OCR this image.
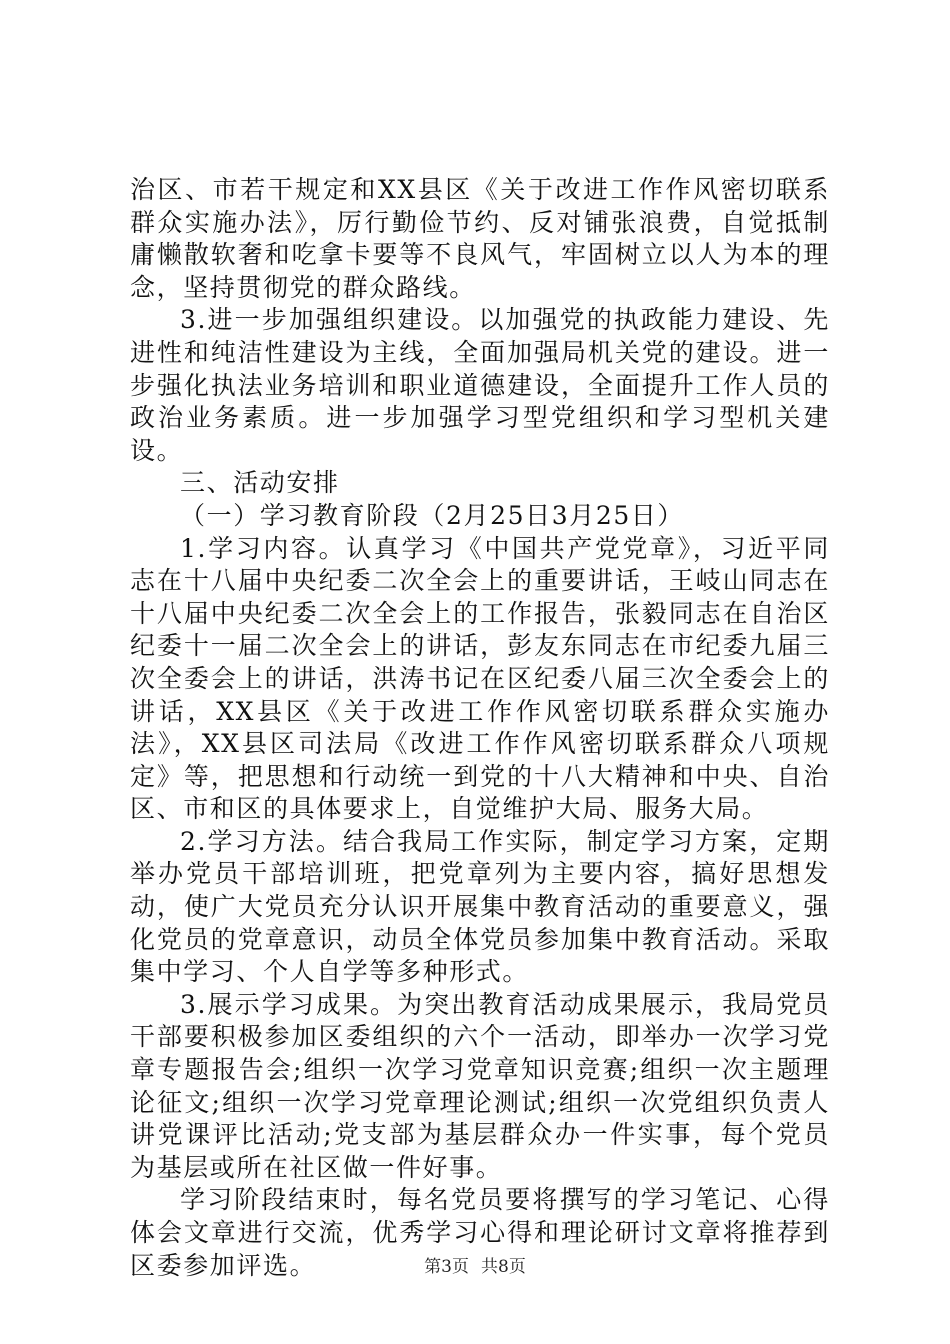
治区、市若干规定和XX县区《关于改进工作作风密切联系群众实施办法》，厉行勤俭节约、反对铺张浪费，自觉抵制庸懒散软奢和吃拿卡要等不良风气，牢固树立以人为本的理念，坚持贯彻党的群众路线。

3.进一步加强组织建设。以加强党的执政能力建设、先进性和纯洁性建设为主线，全面加强局机关党的建设。进一步强化执法业务培训和职业道德建设，全面提升工作人员的政治业务素质。进一步加强学习型党组织和学习型机关建设。

三、活动安排

（一）学习教育阶段（2月25日3月25日）

1.学习内容。认真学习《中国共产党党章》，习近平同志在十八届中央纪委二次全会上的重要讲话，王岐山同志在十八届中央纪委二次全会上的工作报告，张毅同志在自治区纪委十一届二次全会上的讲话，彭友东同志在市纪委九届三次全委会上的讲话，洪涛书记在区纪委八届三次全委会上的讲话，XX县区《关于改进工作作风密切联系群众实施办法》，XX县区司法局《改进工作作风密切联系群众八项规定》等，把思想和行动统一到党的十八大精神和中央、自治区、市和区的具体要求上，自觉维护大局、服务大局。

2.学习方法。结合我局工作实际，制定学习方案，定期举办党员干部培训班，把党章列为主要内容，搞好思想发动，使广大党员充分认识开展集中教育活动的重要意义，强化党员的党章意识，动员全体党员参加集中教育活动。采取集中学习、个人自学等多种形式。

3.展示学习成果。为突出教育活动成果展示，我局党员干部要积极参加区委组织的六个一活动，即举办一次学习党章专题报告会;组织一次学习党章知识竞赛;组织一次主题理论征文;组织一次学习党章理论测试;组织一次党组织负责人讲党课评比活动;党支部为基层群众办一件实事，每个党员为基层或所在社区做一件好事。

学习阶段结束时，每名党员要将撰写的学习笔记、心得体会文章进行交流，优秀学习心得和理论研讨文章将推荐到区委参加评选。	第3页 共8页
